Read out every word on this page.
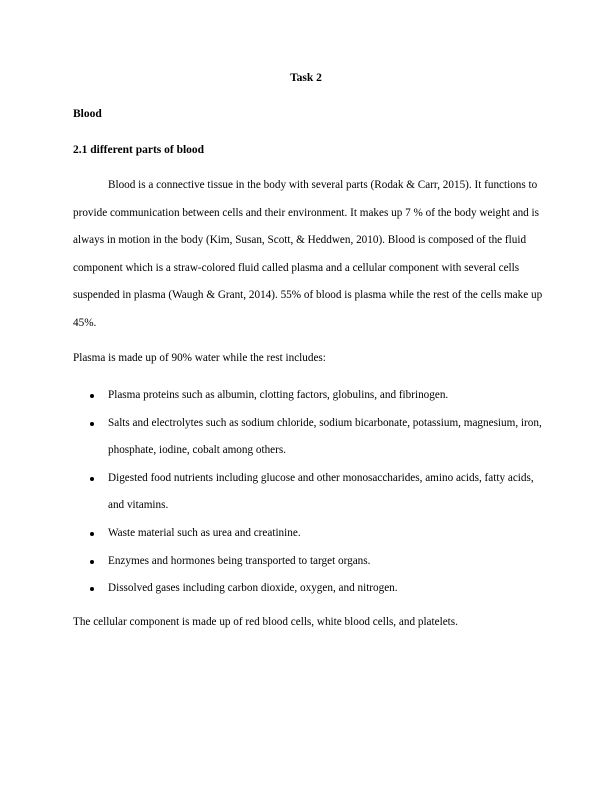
Task 2
Blood
2.1 different parts of blood

Blood is a connective tissue in the body with several parts (Rodak & Carr, 2015). It functions to provide communication between cells and their environment. It makes up 7 % of the body weight and is always in motion in the body (Kim, Susan, Scott, & Heddwen, 2010). Blood is composed of the fluid component which is a straw-colored fluid called plasma and a cellular component with several cells suspended in plasma (Waugh & Grant, 2014). 55% of blood is plasma while the rest of the cells make up 45%.

Plasma is made up of 90% water while the rest includes:
Plasma proteins such as albumin, clotting factors, globulins, and fibrinogen.
Salts and electrolytes such as sodium chloride, sodium bicarbonate, potassium, magnesium, iron, phosphate, iodine, cobalt among others.
Digested food nutrients including glucose and other monosaccharides, amino acids, fatty acids, and vitamins.
Waste material such as urea and creatinine.
Enzymes and hormones being transported to target organs.
Dissolved gases including carbon dioxide, oxygen, and nitrogen.
The cellular component is made up of red blood cells, white blood cells, and platelets.
